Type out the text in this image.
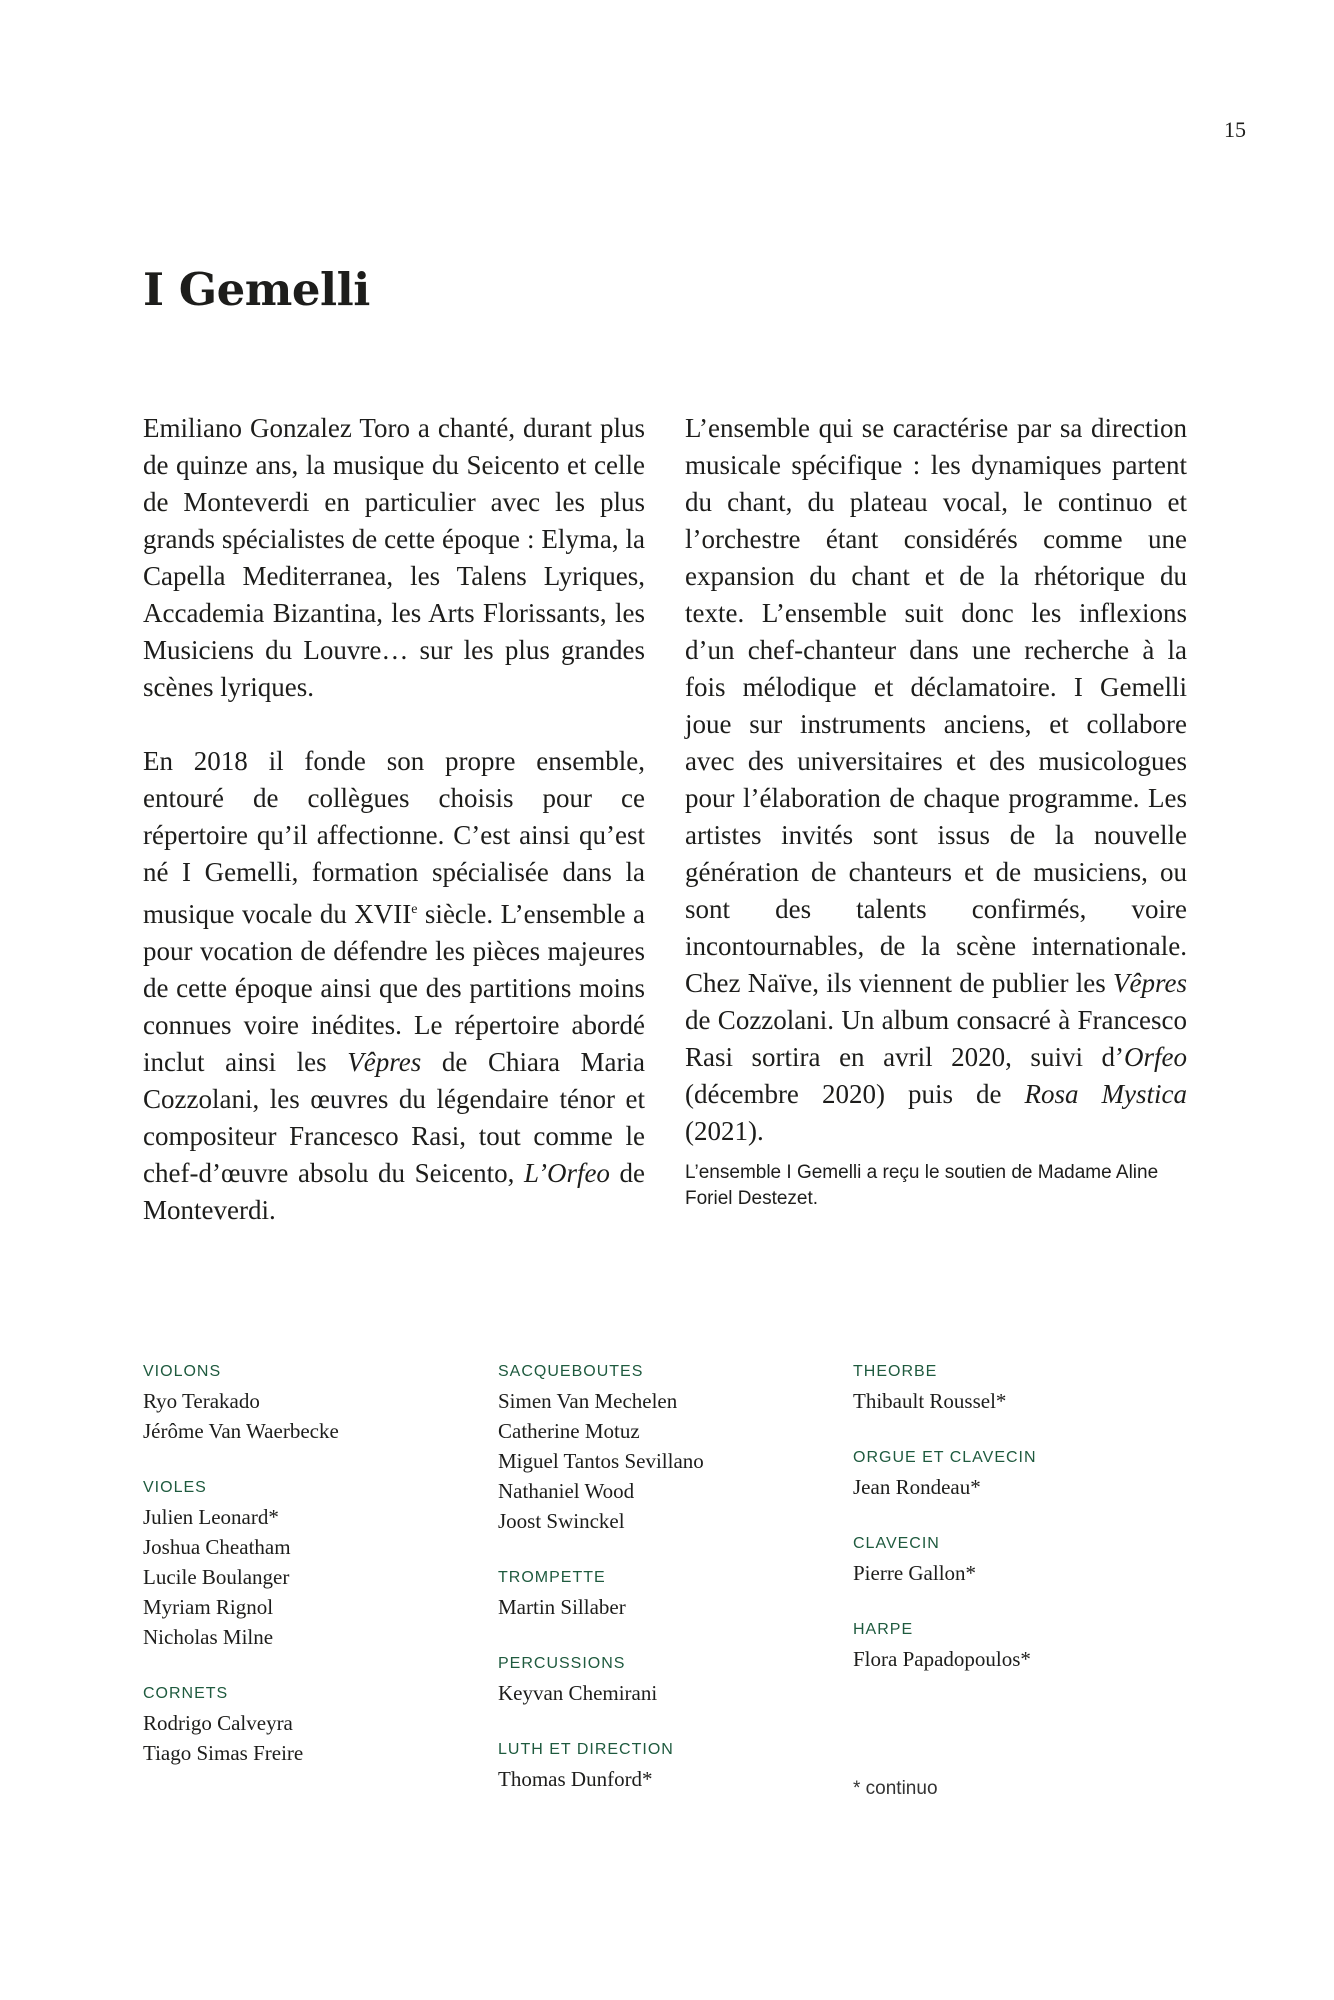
15
I Gemelli

Emiliano Gonzalez Toro a chanté, durant plus de quinze ans, la musique du Seicento et celle de Monteverdi en particulier avec les plus grands spécialistes de cette époque : Elyma, la Capella Mediterranea, les Talens Lyriques, Accademia Bizantina, les Arts Florissants, les Musiciens du Louvre… sur les plus grandes scènes lyriques.

En 2018 il fonde son propre ensemble, entouré de collègues choisis pour ce répertoire qu’il affectionne. C’est ainsi qu’est né I Gemelli, formation spécialisée dans la musique vocale du XVIIe siècle. L’ensemble a pour vocation de défendre les pièces majeures de cette époque ainsi que des partitions moins connues voire inédites. Le répertoire abordé inclut ainsi les Vêpres de Chiara Maria Cozzolani, les œuvres du légendaire ténor et compositeur Francesco Rasi, tout comme le chef-d’œuvre absolu du Seicento, L’Orfeo de Monteverdi.

L’ensemble qui se caractérise par sa direction musicale spécifique : les dynamiques partent du chant, du plateau vocal, le continuo et l’orchestre étant considérés comme une expansion du chant et de la rhétorique du texte. L’ensemble suit donc les inflexions d’un chef-chanteur dans une recherche à la fois mélodique et déclamatoire. I Gemelli joue sur instruments anciens, et collabore avec des universitaires et des musicologues pour l’élaboration de chaque programme. Les artistes invités sont issus de la nouvelle génération de chanteurs et de musiciens, ou sont des talents confirmés, voire incontournables, de la scène internationale. Chez Naïve, ils viennent de publier les Vêpres de Cozzolani. Un album consacré à Francesco Rasi sortira en avril 2020, suivi d’Orfeo (décembre 2020) puis de Rosa Mystica (2021).

L’ensemble I Gemelli a reçu le soutien de Madame Aline Foriel Destezet.

VIOLONS
Ryo Terakado
Jérôme Van Waerbecke
VIOLES
Julien Leonard*
Joshua Cheatham
Lucile Boulanger
Myriam Rignol
Nicholas Milne
CORNETS
Rodrigo Calveyra
Tiago Simas Freire
SACQUEBOUTES
Simen Van Mechelen
Catherine Motuz
Miguel Tantos Sevillano
Nathaniel Wood
Joost Swinckel
TROMPETTE
Martin Sillaber
PERCUSSIONS
Keyvan Chemirani
LUTH ET DIRECTION
Thomas Dunford*
THEORBE
Thibault Roussel*
ORGUE ET CLAVECIN
Jean Rondeau*
CLAVECIN
Pierre Gallon*
HARPE
Flora Papadopoulos*
* continuo
